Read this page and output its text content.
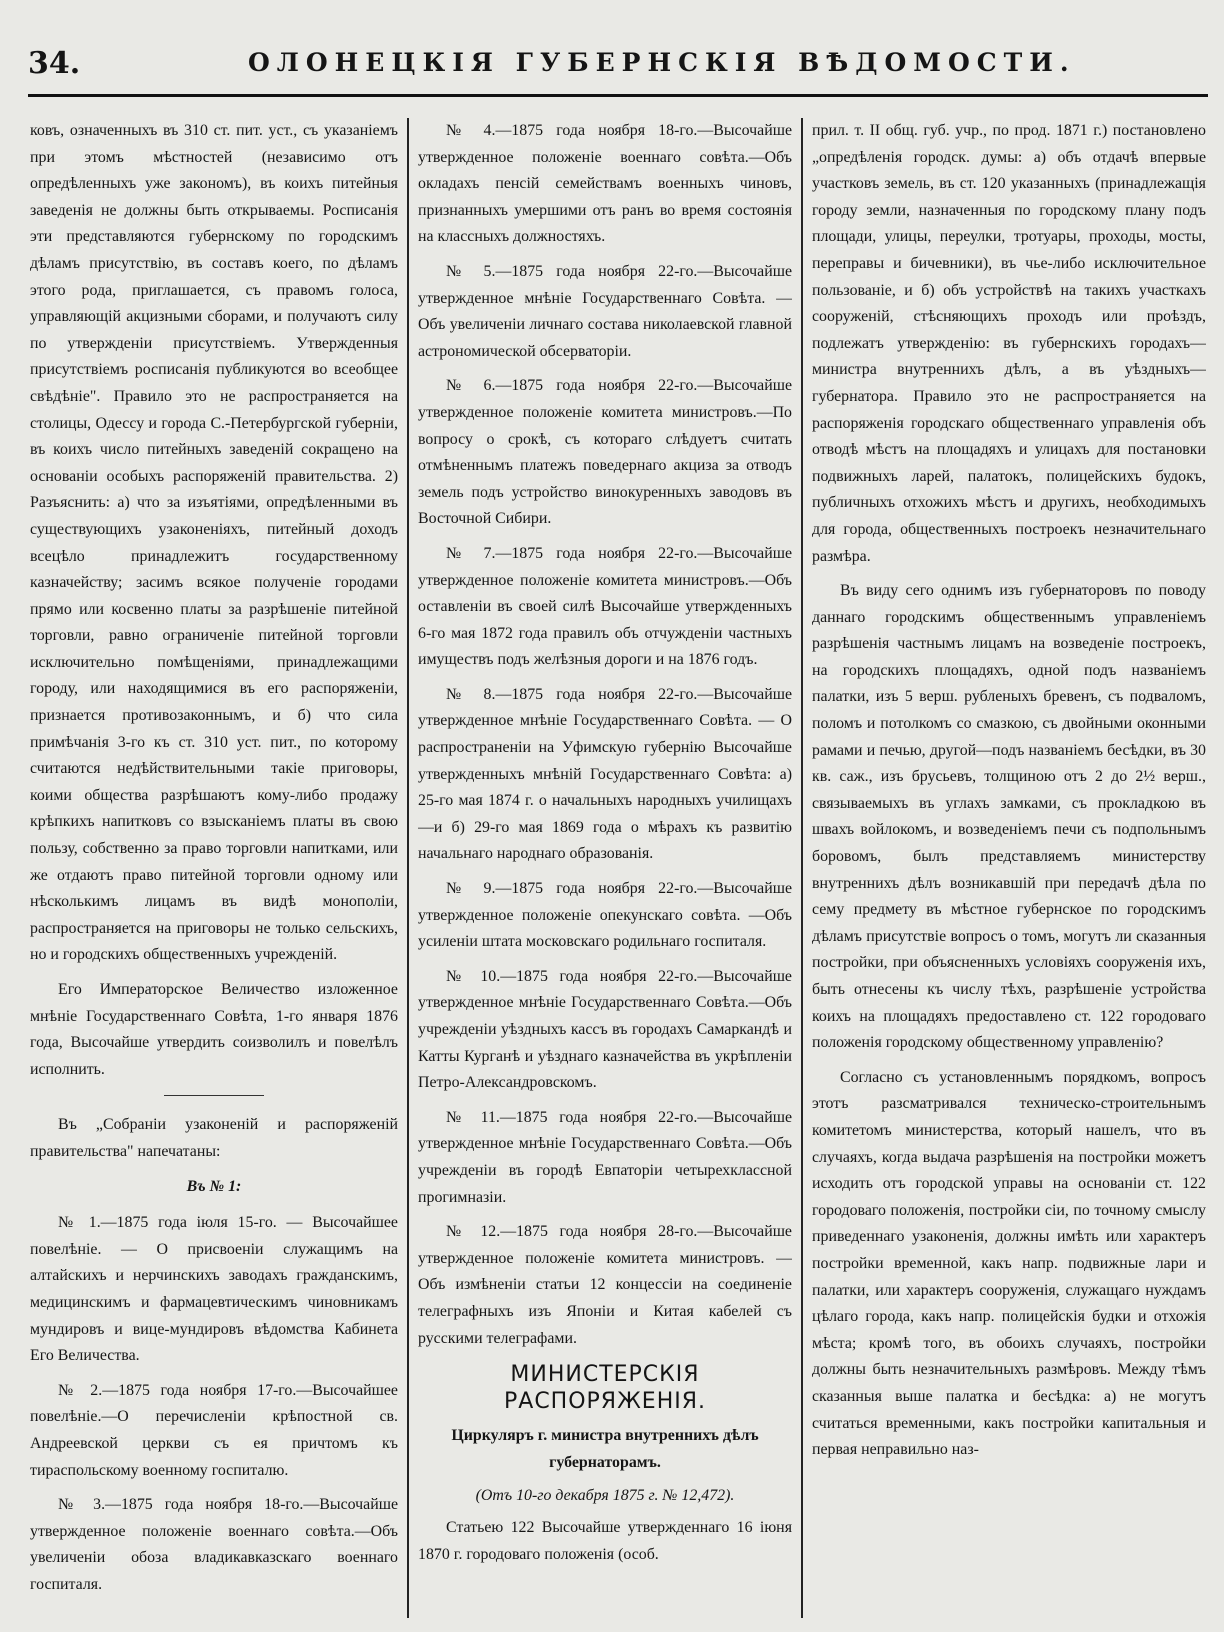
34.	ОЛОНЕЦКІЯ ГУБЕРНСКІЯ ВѢДОМОСТИ.

ковъ, означенныхъ въ 310 ст. пит. уст., съ указаніемъ при этомъ мѣстностей (независимо отъ опредѣленныхъ уже закономъ), въ коихъ питейныя заведенія не должны быть открываемы. Росписанія эти представляются губернскому по городскимъ дѣламъ присутствію, въ составъ коего, по дѣламъ этого рода, приглашается, съ правомъ голоса, управляющій акцизными сборами, и получаютъ силу по утвержденіи присутствіемъ. Утвержденныя присутствіемъ росписанія публикуются во всеобщее свѣдѣніе". Правило это не распространяется на столицы, Одессу и города С.-Петербургской губерніи, въ коихъ число питейныхъ заведеній сокращено на основаніи особыхъ распоряженій правительства. 2) Разъяснить: а) что за изъятіями, опредѣленными въ существующихъ узаконеніяхъ, питейный доходъ всецѣло принадлежитъ государственному казначейству; засимъ всякое полученіе городами прямо или косвенно платы за разрѣшеніе питейной торговли, равно ограниченіе питейной торговли исключительно помѣщеніями, принадлежащими городу, или находящимися въ его распоряженіи, признается противозаконнымъ, и б) что сила примѣчанія 3-го къ ст. 310 уст. пит., по которому считаются недѣйствительными такіе приговоры, коими общества разрѣшаютъ кому-либо продажу крѣпкихъ напитковъ со взысканіемъ платы въ свою пользу, собственно за право торговли напитками, или же отдаютъ право питейной торговли одному или нѣсколькимъ лицамъ въ видѣ монополіи, распространяется на приговоры не только сельскихъ, но и городскихъ общественныхъ учрежденій.

Его Императорское Величество изложенное мнѣніе Государственнаго Совѣта, 1-го января 1876 года, Высочайше утвердить соизволилъ и повелѣлъ исполнить.

Въ „Собраніи узаконеній и распоряженій правительства" напечатаны:

Въ № 1:

№ 1.—1875 года іюля 15-го. — Высочайшее повелѣніе. — О присвоеніи служащимъ на алтайскихъ и нерчинскихъ заводахъ гражданскимъ, медицинскимъ и фармацевтическимъ чиновникамъ мундировъ и вице-мундировъ вѣдомства Кабинета Его Величества.

№ 2.—1875 года ноября 17-го.—Высочайшее повелѣніе.—О перечисленіи крѣпостной св. Андреевской церкви съ ея причтомъ къ тираспольскому военному госпиталю.

№ 3.—1875 года ноября 18-го.—Высочайше утвержденное положеніе военнаго совѣта.—Объ увеличеніи обоза владикавказскаго военнаго госпиталя.

№ 4.—1875 года ноября 18-го.—Высочайше утвержденное положеніе военнаго совѣта.—Объ окладахъ пенсій семействамъ военныхъ чиновъ, признанныхъ умершими отъ ранъ во время состоянія на классныхъ должностяхъ.

№ 5.—1875 года ноября 22-го.—Высочайше утвержденное мнѣніе Государственнаго Совѣта. — Объ увеличеніи личнаго состава николаевской главной астрономической обсерваторіи.

№ 6.—1875 года ноября 22-го.—Высочайше утвержденное положеніе комитета министровъ.—По вопросу о срокѣ, съ котораго слѣдуетъ считать отмѣненнымъ платежъ поведернаго акциза за отводъ земель подъ устройство винокуренныхъ заводовъ въ Восточной Сибири.

№ 7.—1875 года ноября 22-го.—Высочайше утвержденное положеніе комитета министровъ.—Объ оставленіи въ своей силѣ Высочайше утвержденныхъ 6-го мая 1872 года правилъ объ отчужденіи частныхъ имуществъ подъ желѣзныя дороги и на 1876 годъ.

№ 8.—1875 года ноября 22-го.—Высочайше утвержденное мнѣніе Государственнаго Совѣта. — О распространеніи на Уфимскую губернію Высочайше утвержденныхъ мнѣній Государственнаго Совѣта: а) 25-го мая 1874 г. о начальныхъ народныхъ училищахъ—и б) 29-го мая 1869 года о мѣрахъ къ развитію начальнаго народнаго образованія.

№ 9.—1875 года ноября 22-го.—Высочайше утвержденное положеніе опекунскаго совѣта. —Объ усиленіи штата московскаго родильнаго госпиталя.

№ 10.—1875 года ноября 22-го.—Высочайше утвержденное мнѣніе Государственнаго Совѣта.—Объ учрежденіи уѣздныхъ кассъ въ городахъ Самаркандѣ и Катты Курганѣ и уѣзднаго казначейства въ укрѣпленіи Петро-Александровскомъ.

№ 11.—1875 года ноября 22-го.—Высочайше утвержденное мнѣніе Государственнаго Совѣта.—Объ учрежденіи въ городѣ Евпаторіи четырехклассной прогимназіи.

№ 12.—1875 года ноября 28-го.—Высочайше утвержденное положеніе комитета министровъ. — Объ измѣненіи статьи 12 концессіи на соединеніе телеграфныхъ изъ Японіи и Китая кабелей съ русскими телеграфами.

МИНИСТЕРСКІЯ РАСПОРЯЖЕНІЯ.
Циркуляръ г. министра внутреннихъ дѣлъ губернаторамъ.
(Отъ 10-го декабря 1875 г. № 12,472).

Статьею 122 Высочайше утвержденнаго 16 іюня 1870 г. городоваго положенія (особ.

прил. т. II общ. губ. учр., по прод. 1871 г.) постановлено „опредѣленія городск. думы: а) объ отдачѣ впервые участковъ земель, въ ст. 120 указанныхъ (принадлежащія городу земли, назначенныя по городскому плану подъ площади, улицы, переулки, тротуары, проходы, мосты, переправы и бичевники), въ чье-либо исключительное пользованіе, и б) объ устройствѣ на такихъ участкахъ сооруженій, стѣсняющихъ проходъ или проѣздъ, подлежатъ утвержденію: въ губернскихъ городахъ—министра внутреннихъ дѣлъ, а въ уѣздныхъ—губернатора. Правило это не распространяется на распоряженія городскаго общественнаго управленія объ отводѣ мѣстъ на площадяхъ и улицахъ для постановки подвижныхъ ларей, палатокъ, полицейскихъ будокъ, публичныхъ отхожихъ мѣстъ и другихъ, необходимыхъ для города, общественныхъ построекъ незначительнаго размѣра.

Въ виду сего однимъ изъ губернаторовъ по поводу даннаго городскимъ общественнымъ управленіемъ разрѣшенія частнымъ лицамъ на возведеніе построекъ, на городскихъ площадяхъ, одной подъ названіемъ палатки, изъ 5 верш. рубленыхъ бревенъ, съ подваломъ, поломъ и потолкомъ со смазкою, съ двойными оконными рамами и печью, другой—подъ названіемъ бесѣдки, въ 30 кв. саж., изъ брусьевъ, толщиною отъ 2 до 2½ верш., связываемыхъ въ углахъ замками, съ прокладкою въ швахъ войлокомъ, и возведеніемъ печи съ подпольнымъ боровомъ, былъ представляемъ министерству внутреннихъ дѣлъ возникавшій при передачѣ дѣла по сему предмету въ мѣстное губернское по городскимъ дѣламъ присутствіе вопросъ о томъ, могутъ ли сказанныя постройки, при объясненныхъ условіяхъ сооруженія ихъ, быть отнесены къ числу тѣхъ, разрѣшеніе устройства коихъ на площадяхъ предоставлено ст. 122 городоваго положенія городскому общественному управленію?

Согласно съ установленнымъ порядкомъ, вопросъ этотъ разсматривался техническо-строительнымъ комитетомъ министерства, который нашелъ, что въ случаяхъ, когда выдача разрѣшенія на постройки можетъ исходить отъ городской управы на основаніи ст. 122 городоваго положенія, постройки сіи, по точному смыслу приведеннаго узаконенія, должны имѣть или характеръ постройки временной, какъ напр. подвижные лари и палатки, или характеръ сооруженія, служащаго нуждамъ цѣлаго города, какъ напр. полицейскія будки и отхожія мѣста; кромѣ того, въ обоихъ случаяхъ, постройки должны быть незначительныхъ размѣровъ. Между тѣмъ сказанныя выше палатка и бесѣдка: а) не могутъ считаться временными, какъ постройки капитальныя и первая неправильно наз-
